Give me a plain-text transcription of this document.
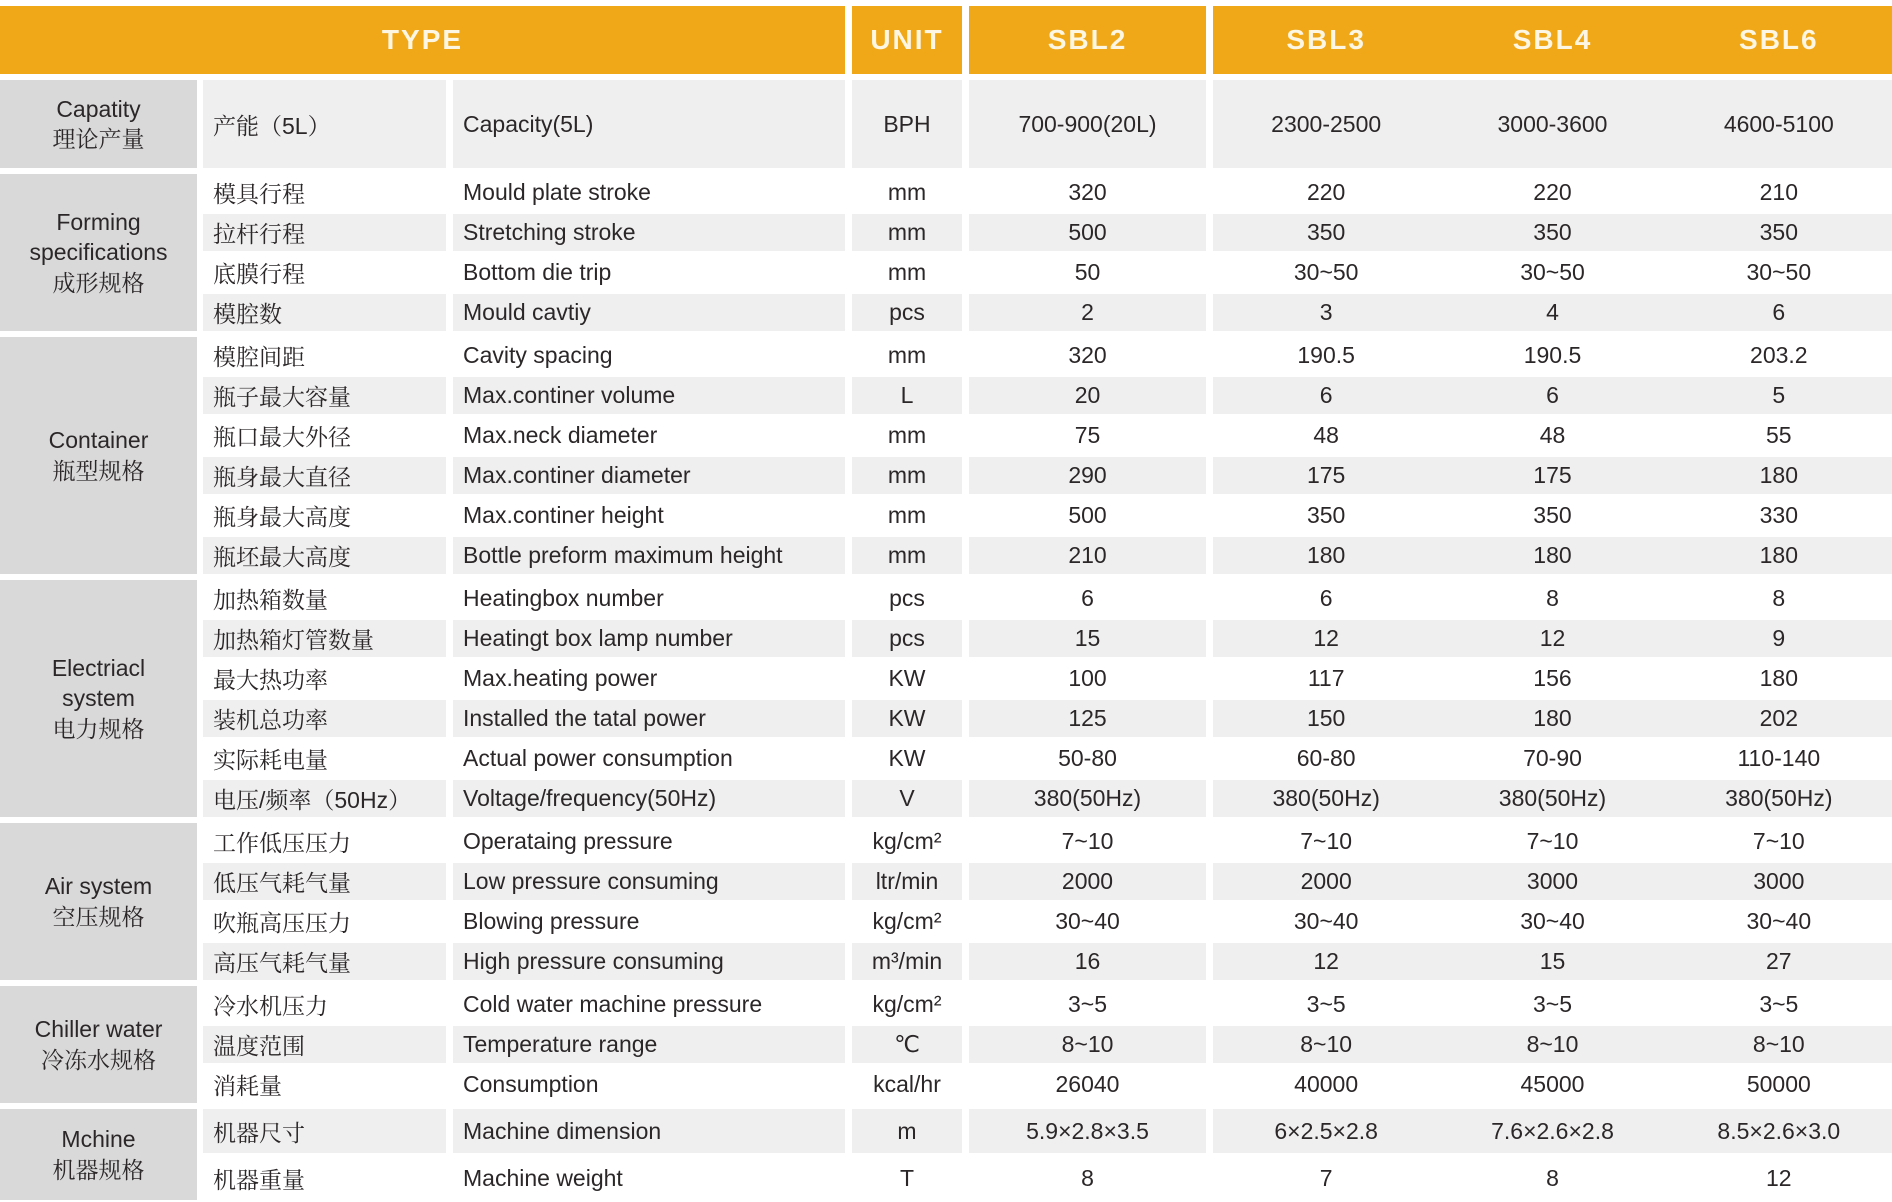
TYPE	UNIT	SBL2	SBL3	SBL4	SBL6
Capatity
理论产量
产能（5L）	Capacity(5L)	BPH	700-900(20L)	2300-2500	3000-3600	4600-5100
Forming specifications
成形规格
模具行程	Mould plate stroke	mm	320	220	220	210
拉杆行程	Stretching stroke	mm	500	350	350	350
底膜行程	Bottom die trip	mm	50	30~50	30~50	30~50
模腔数	Mould cavtiy	pcs	2	3	4	6
Container
瓶型规格
模腔间距	Cavity spacing	mm	320	190.5	190.5	203.2
瓶子最大容量	Max.continer volume	L	20	6	6	5
瓶口最大外径	Max.neck diameter	mm	75	48	48	55
瓶身最大直径	Max.continer diameter	mm	290	175	175	180
瓶身最大高度	Max.continer height	mm	500	350	350	330
瓶坯最大高度	Bottle preform maximum height	mm	210	180	180	180
Electriacl system
电力规格
加热箱数量	Heatingbox number	pcs	6	6	8	8
加热箱灯管数量	Heatingt box lamp number	pcs	15	12	12	9
最大热功率	Max.heating power	KW	100	117	156	180
装机总功率	Installed the tatal power	KW	125	150	180	202
实际耗电量	Actual power consumption	KW	50-80	60-80	70-90	110-140
电压/频率（50Hz）	Voltage/frequency(50Hz)	V	380(50Hz)	380(50Hz)	380(50Hz)	380(50Hz)
Air system
空压规格
工作低压压力	Operataing pressure	kg/cm²	7~10	7~10	7~10	7~10
低压气耗气量	Low pressure consuming	ltr/min	2000	2000	3000	3000
吹瓶高压压力	Blowing pressure	kg/cm²	30~40	30~40	30~40	30~40
高压气耗气量	High pressure consuming	m³/min	16	12	15	27
Chiller water
冷冻水规格
冷水机压力	Cold water machine pressure	kg/cm²	3~5	3~5	3~5	3~5
温度范围	Temperature range	℃	8~10	8~10	8~10	8~10
消耗量	Consumption	kcal/hr	26040	40000	45000	50000
Mchine
机器规格
机器尺寸	Machine dimension	m	5.9×2.8×3.5	6×2.5×2.8	7.6×2.6×2.8	8.5×2.6×3.0
机器重量	Machine weight	T	8	7	8	12
